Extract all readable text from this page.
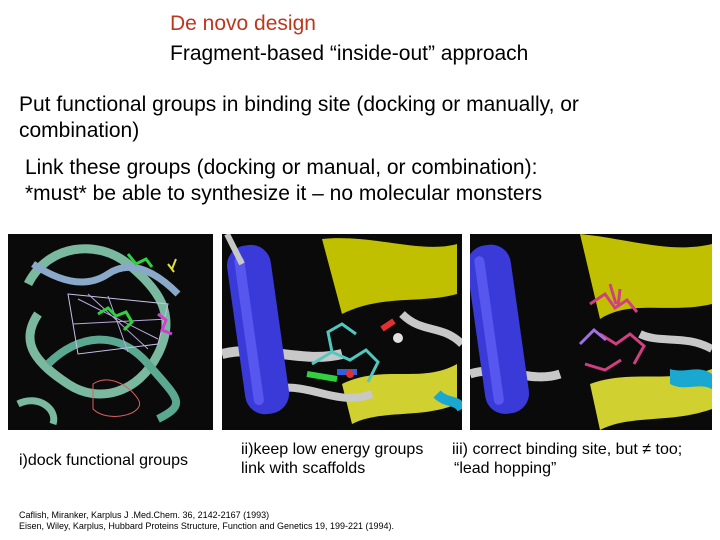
De novo design
Fragment-based “inside-out” approach
Put functional groups in binding site (docking or manually, or
combination)
Link these groups (docking or manual, or combination):
*must* be able to synthesize it – no molecular monsters
i)dock functional groups
ii)keep low energy groups
link with scaffolds
iii) correct binding site, but ≠ too;
“lead hopping”
Caflish, Miranker, Karplus J .Med.Chem. 36, 2142-2167 (1993)
Eisen, Wiley, Karplus, Hubbard Proteins Structure, Function and Genetics 19, 199-221 (1994).
